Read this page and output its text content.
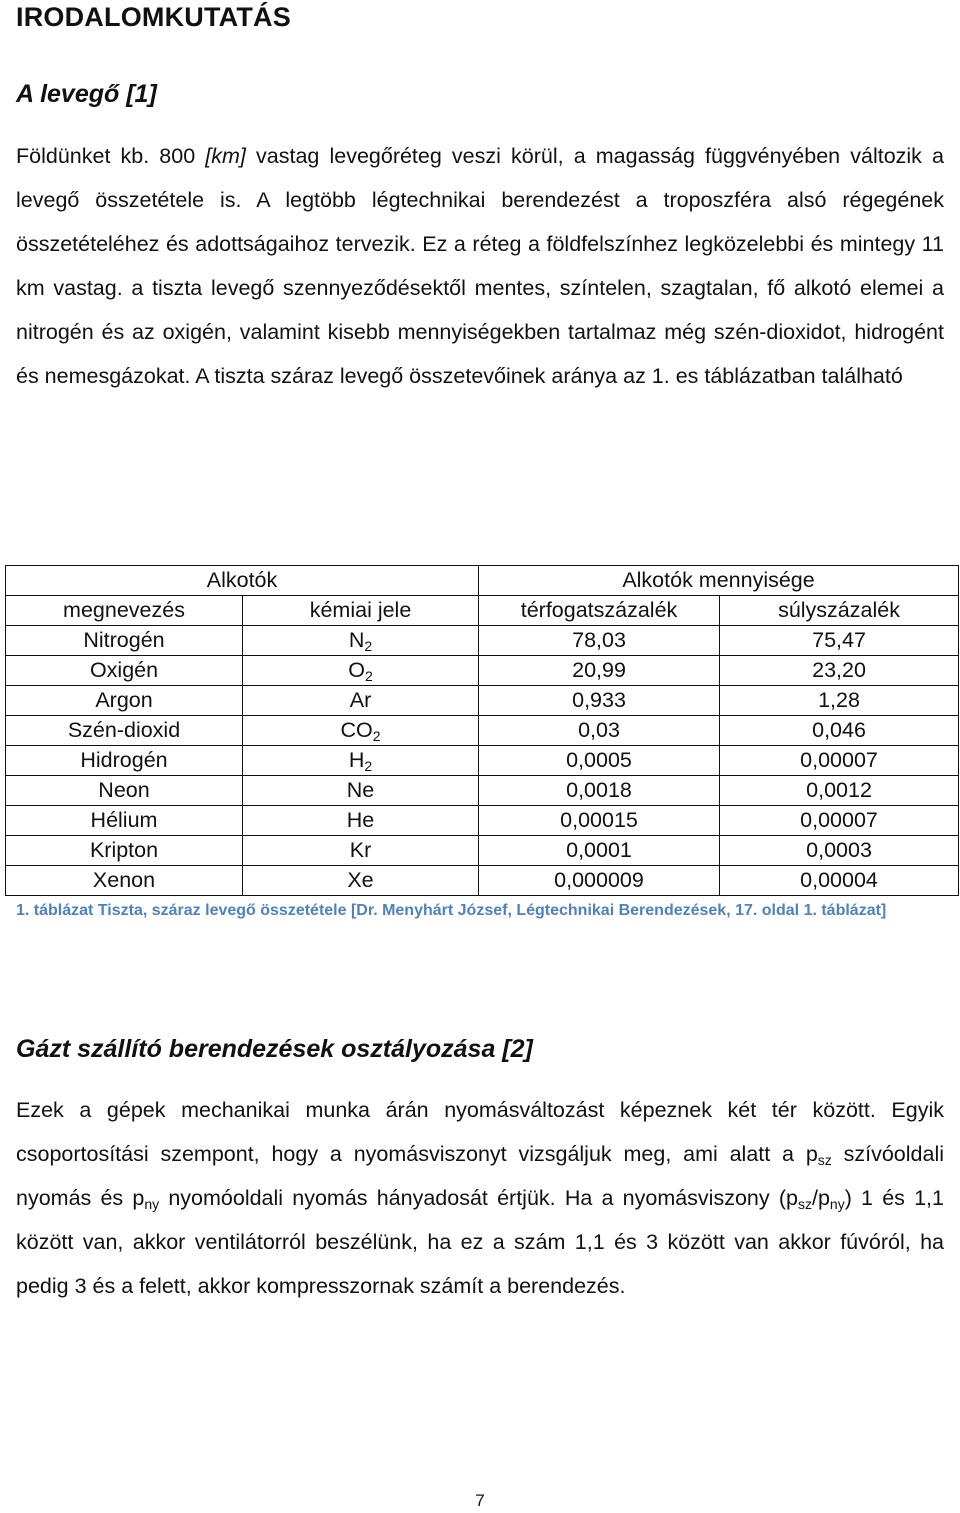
IRODALOMKUTATÁS
A levegő [1]

Földünket kb. 800 [km] vastag levegőréteg veszi körül, a magasság függvényében változik a levegő összetétele is. A legtöbb légtechnikai berendezést a troposzféra alsó régegének összetételéhez és adottságaihoz tervezik. Ez a réteg a földfelszínhez legközelebbi és mintegy 11 km vastag. a tiszta levegő szennyeződésektől mentes, színtelen, szagtalan, fő alkotó elemei a nitrogén és az oxigén, valamint kisebb mennyiségekben tartalmaz még szén-dioxidot, hidrogént és nemesgázokat. A tiszta száraz levegő összetevőinek aránya az 1. es táblázatban található

1. táblázat Tiszta, száraz levegő összetétele [Dr. Menyhárt József, Légtechnikai Berendezések, 17. oldal 1. táblázat]

Gázt szállító berendezések osztályozása [2]

Ezek a gépek mechanikai munka árán nyomásváltozást képeznek két tér között. Egyik csoportosítási szempont, hogy a nyomásviszonyt vizsgáljuk meg, ami alatt a $p_{sz}$ szívóoldali nyomás és $p_{ny}$ nyomóoldali nyomás hányadosát értjük. Ha a nyomásviszony $(p_{sz}/p_{ny})$ 1 és 1,1 között van, akkor ventilátorról beszélünk, ha ez a szám 1,1 és 3 között van akkor fúvóról, ha pedig 3 és a felett, akkor kompresszornak számít a berendezés.

Alkotók		Alkotók mennyisége	
megnevezés	kémiai jele	térfogatszázalék	súlyszázalék
Nitrogén	$N_2$	78,03	75,47
Oxigén	$O_2$	20,99	23,20
Argon	Ar	0,933	1,28
Szén-dioxid	$CO_2$	0,03	0,046
Hidrogén	$H_2$	0,0005	0,00007
Neon	Ne	0,0018	0,0012
Hélium	He	0,00015	0,00007
Kripton	Kr	0,0001	0,0003
Xenon	Xe	0,000009	0,00004
7
